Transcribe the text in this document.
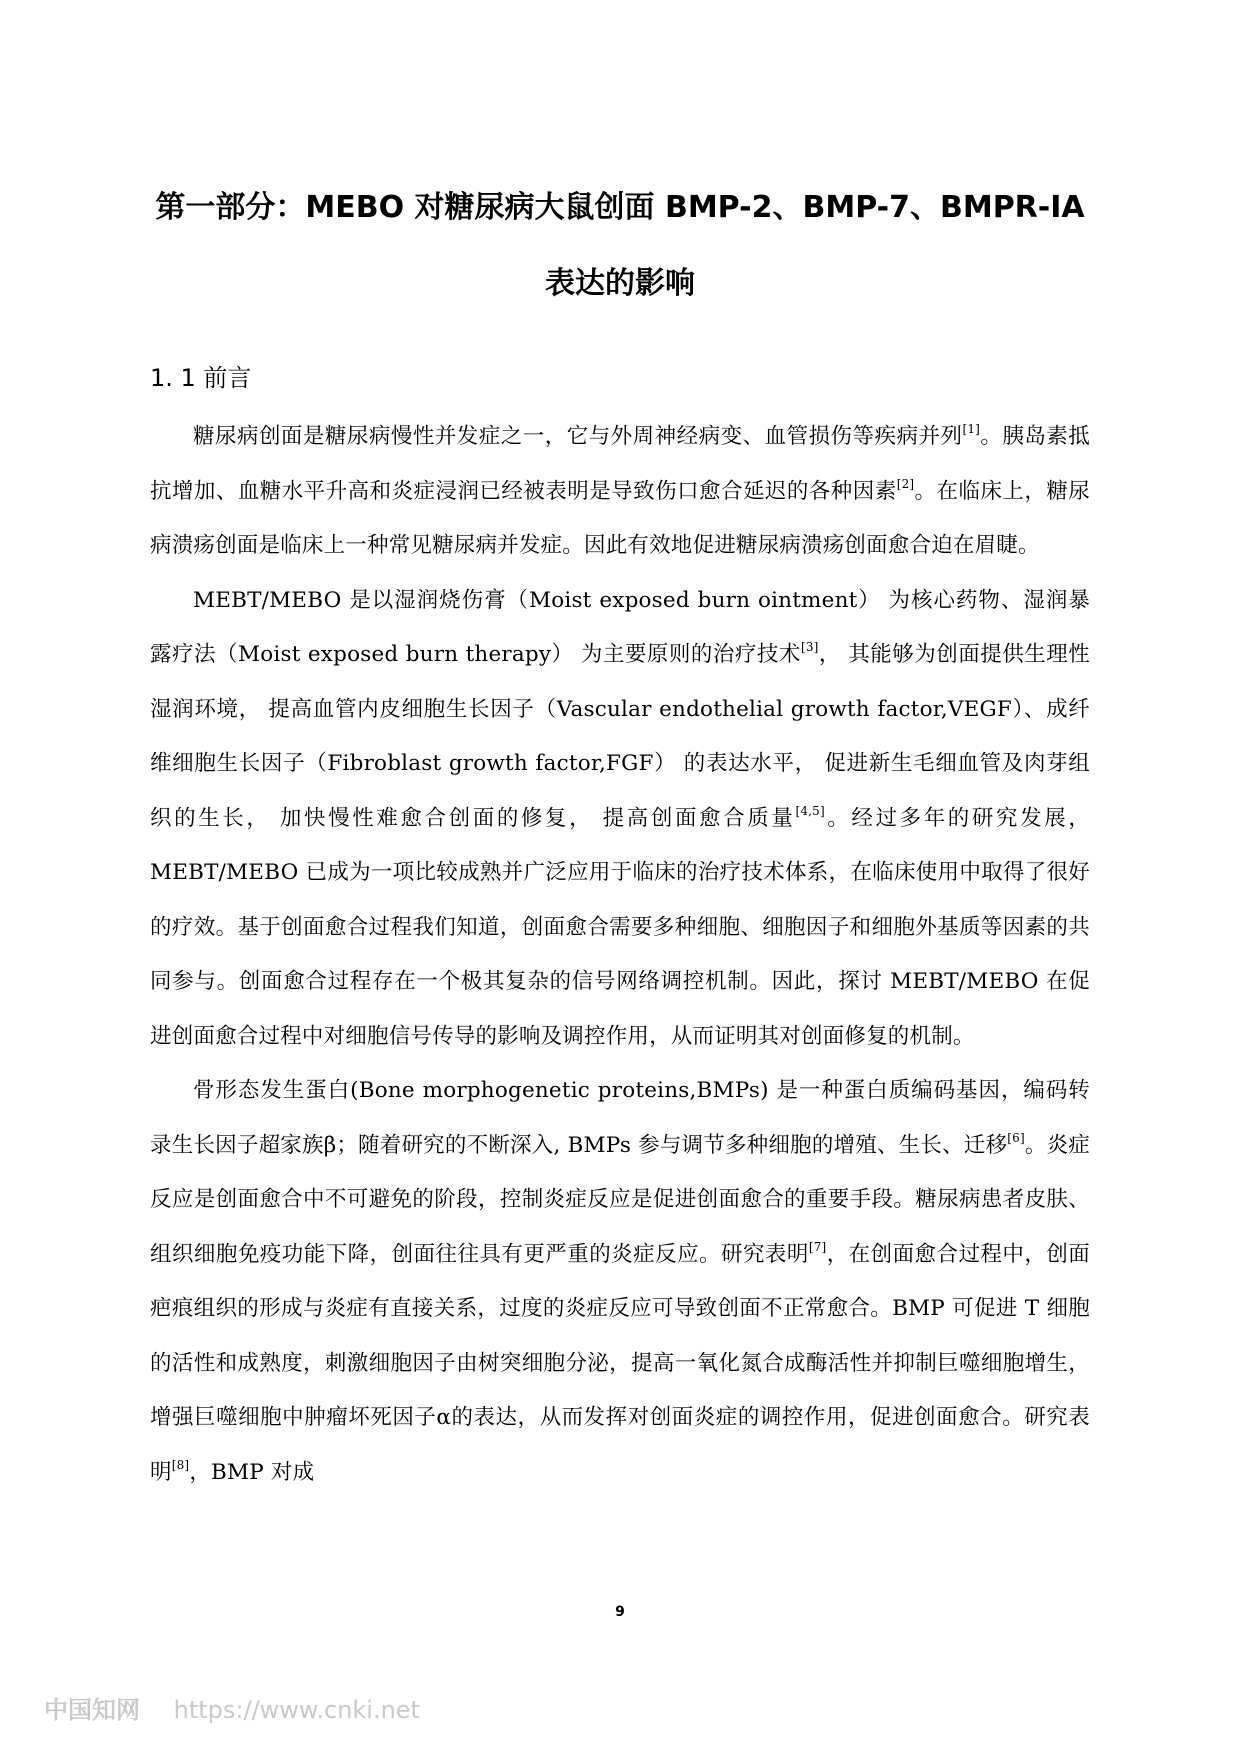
第一部分：MEBO 对糖尿病大鼠创面 BMP-2、BMP-7、BMPR-IA
表达的影响
1. 1 前言

糖尿病创面是糖尿病慢性并发症之一，它与外周神经病变、血管损伤等疾病并列[1]。胰岛素抵抗增加、血糖水平升高和炎症浸润已经被表明是导致伤口愈合延迟的各种因素[2]。在临床上，糖尿病溃疡创面是临床上一种常见糖尿病并发症。因此有效地促进糖尿病溃疡创面愈合迫在眉睫。

MEBT/MEBO 是以湿润烧伤膏（Moist exposed burn ointment） 为核心药物、湿润暴露疗法（Moist exposed burn therapy） 为主要原则的治疗技术[3]， 其能够为创面提供生理性湿润环境， 提高血管内皮细胞生长因子（Vascular endothelial growth factor,VEGF）、成纤维细胞生长因子（Fibroblast growth factor,FGF） 的表达水平， 促进新生毛细血管及肉芽组织的生长， 加快慢性难愈合创面的修复， 提高创面愈合质量[4,5]。经过多年的研究发展，MEBT/MEBO 已成为一项比较成熟并广泛应用于临床的治疗技术体系，在临床使用中取得了很好的疗效。基于创面愈合过程我们知道，创面愈合需要多种细胞、细胞因子和细胞外基质等因素的共同参与。创面愈合过程存在一个极其复杂的信号网络调控机制。因此，探讨 MEBT/MEBO 在促进创面愈合过程中对细胞信号传导的影响及调控作用，从而证明其对创面修复的机制。

骨形态发生蛋白(Bone morphogenetic proteins,BMPs) 是一种蛋白质编码基因，编码转录生长因子超家族β；随着研究的不断深入, BMPs 参与调节多种细胞的增殖、生长、迁移[6]。炎症反应是创面愈合中不可避免的阶段，控制炎症反应是促进创面愈合的重要手段。糖尿病患者皮肤、组织细胞免疫功能下降，创面往往具有更严重的炎症反应。研究表明[7]，在创面愈合过程中，创面疤痕组织的形成与炎症有直接关系，过度的炎症反应可导致创面不正常愈合。BMP 可促进 T 细胞的活性和成熟度，刺激细胞因子由树突细胞分泌，提高一氧化氮合成酶活性并抑制巨噬细胞增生，增强巨噬细胞中肿瘤坏死因子α的表达，从而发挥对创面炎症的调控作用，促进创面愈合。研究表明[8]，BMP 对成

9
中国知网 https://www.cnki.net
